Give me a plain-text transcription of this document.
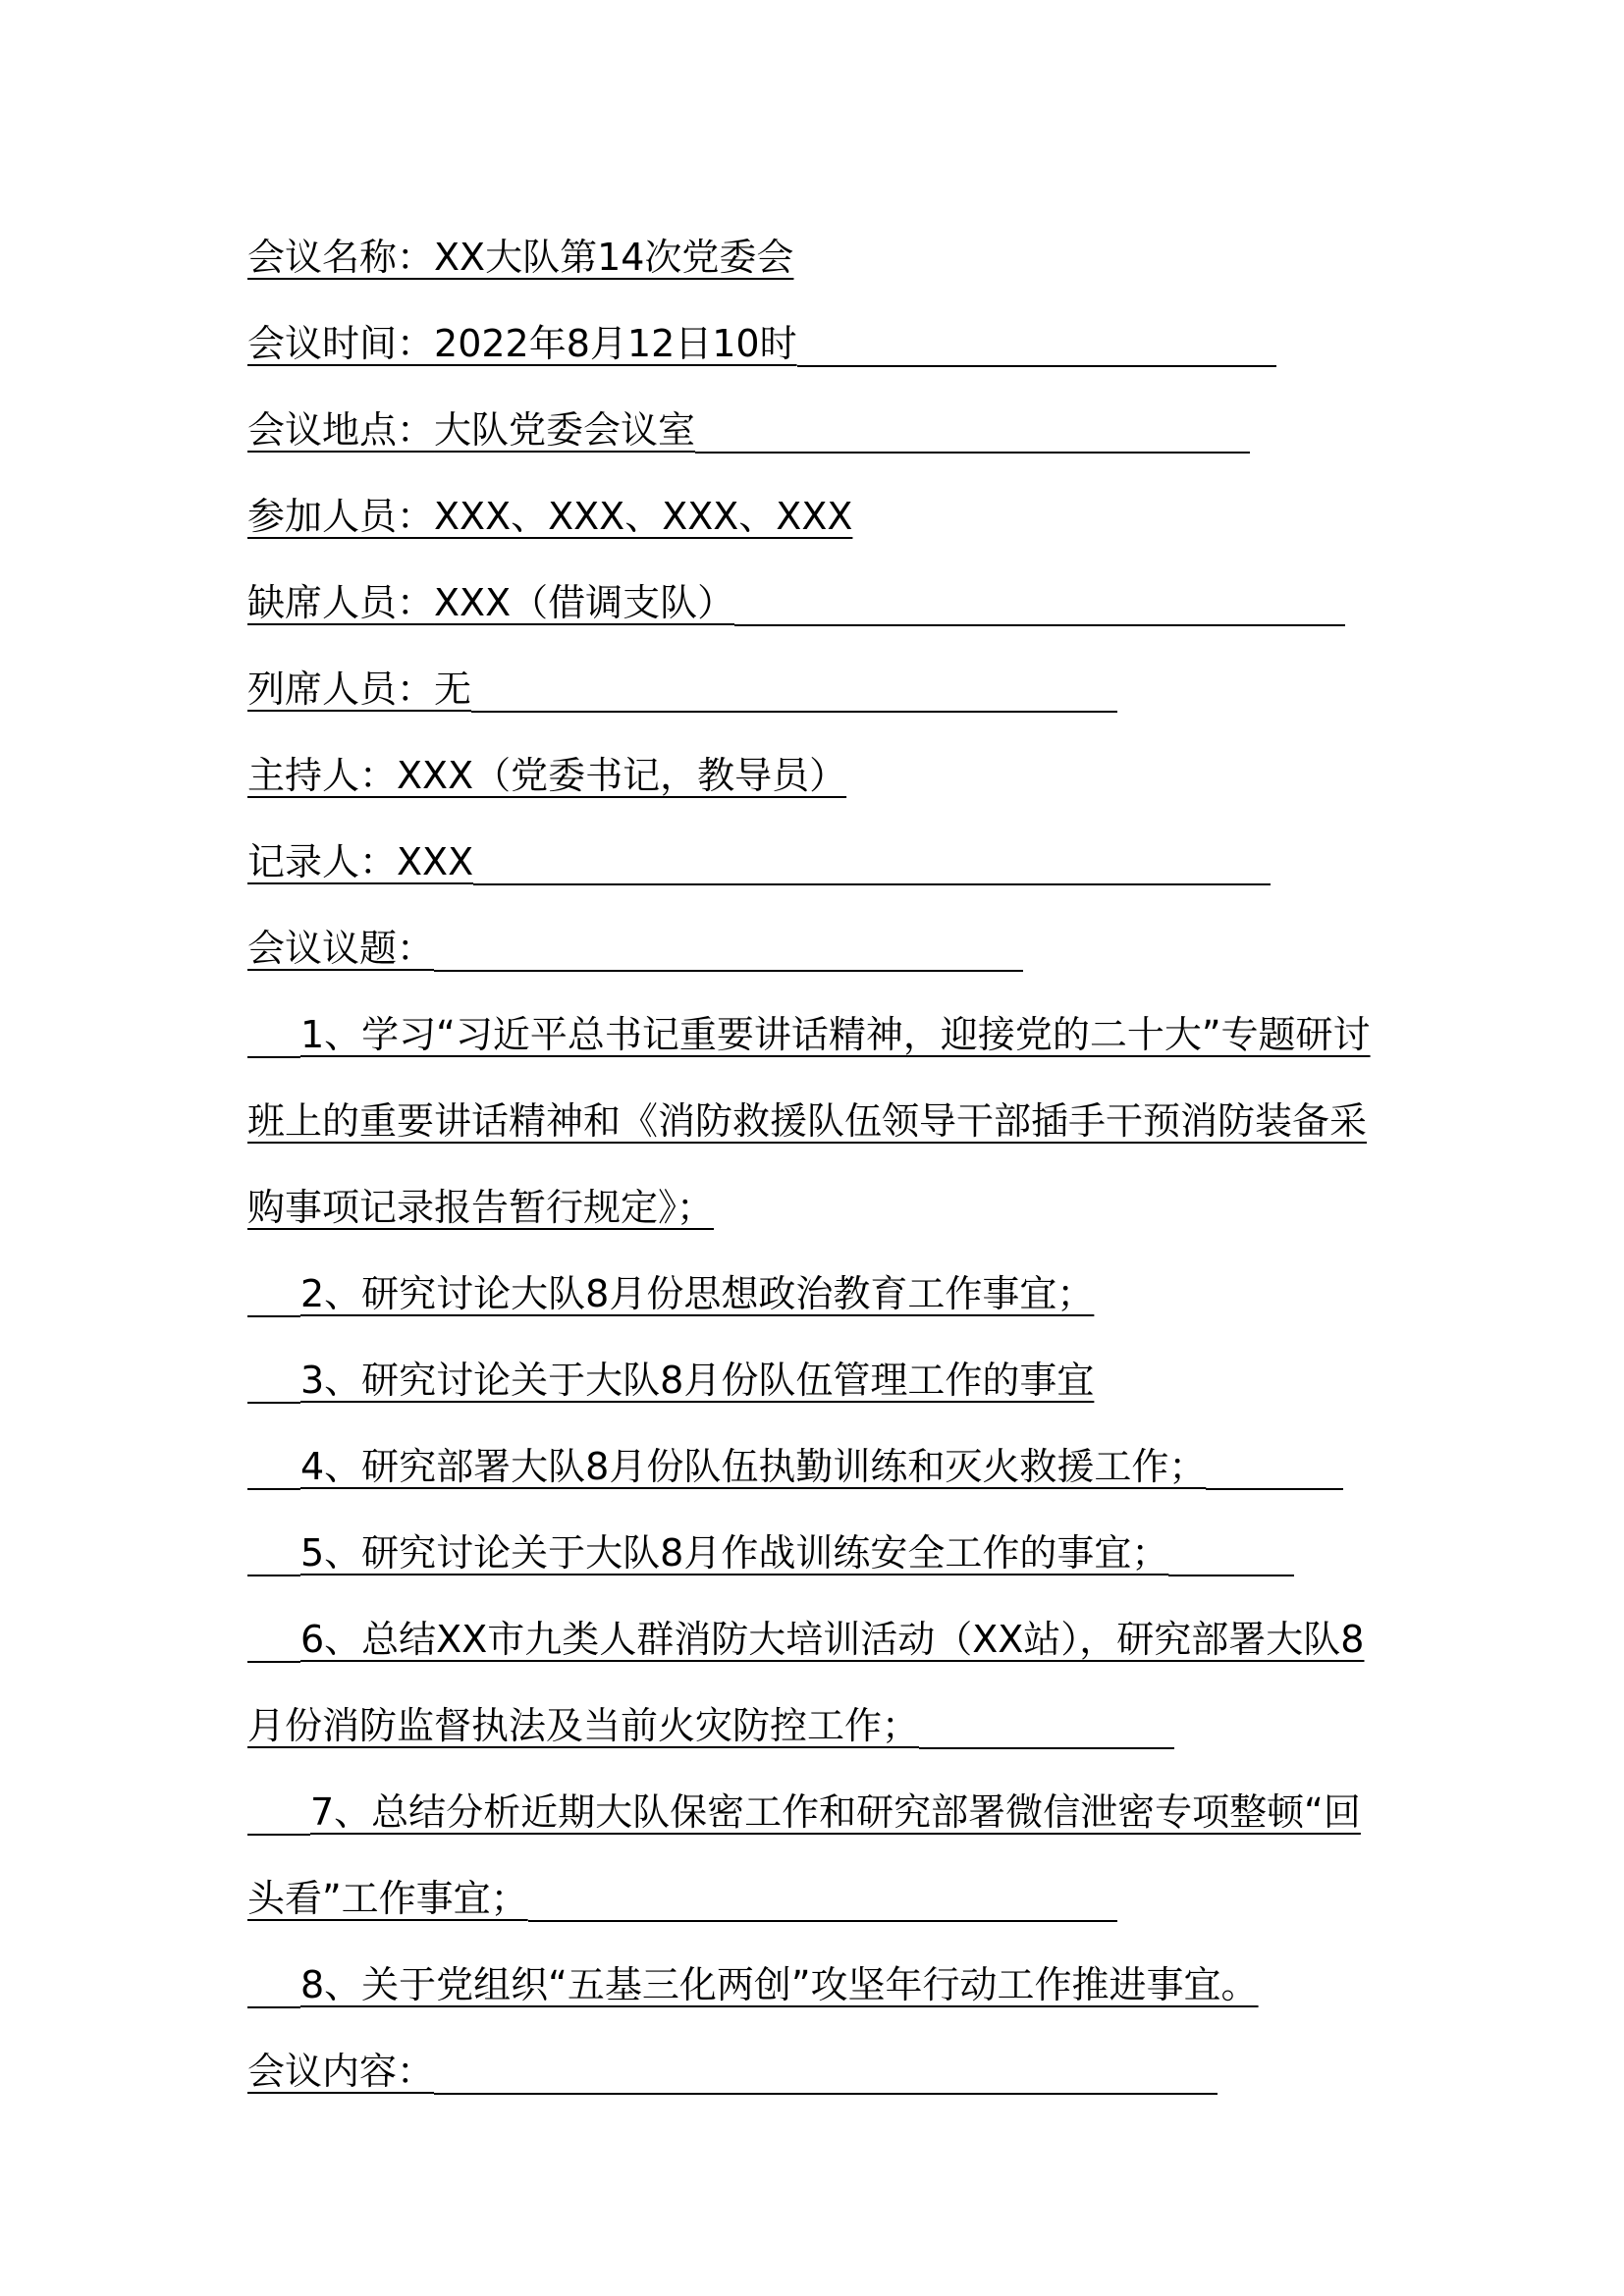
会议名称：XX大队第14次党委会
会议时间：2022年8月12日10时
会议地点：大队党委会议室
参加人员：XXX、XXX、XXX、XXX
缺席人员：XXX（借调支队）
列席人员：无
主持人：XXX（党委书记，教导员）
记录人：XXX
会议议题：
1、学习“习近平总书记重要讲话精神，迎接党的二十大”专题研讨班上的重要讲话精神和《消防救援队伍领导干部插手干预消防装备采购事项记录报告暂行规定》；
2、研究讨论大队8月份思想政治教育工作事宜；
3、研究讨论关于大队8月份队伍管理工作的事宜
4、研究部署大队8月份队伍执勤训练和灭火救援工作；
5、研究讨论关于大队8月作战训练安全工作的事宜；
6、总结XX市九类人群消防大培训活动（XX站），研究部署大队8月份消防监督执法及当前火灾防控工作；
7、总结分析近期大队保密工作和研究部署微信泄密专项整顿“回头看”工作事宜；
8、关于党组织“五基三化两创”攻坚年行动工作推进事宜。
会议内容：
